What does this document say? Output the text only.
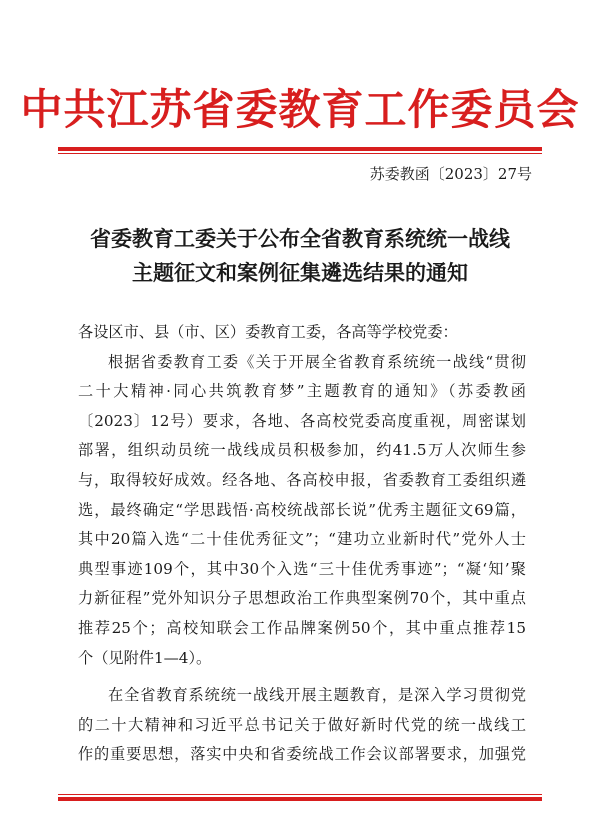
中共江苏省委教育工作委员会
苏委教函〔2023〕27号
省委教育工委关于公布全省教育系统统一战线
主题征文和案例征集遴选结果的通知
各设区市、县（市、区）委教育工委，各高等学校党委：
根据省委教育工委《关于开展全省教育系统统一战线“贯彻
二十大精神·同心共筑教育梦”主题教育的通知》（苏委教函
〔2023〕12号）要求，各地、各高校党委高度重视，周密谋划
部署，组织动员统一战线成员积极参加，约41.5万人次师生参
与，取得较好成效。经各地、各高校申报，省委教育工委组织遴
选，最终确定“学思践悟·高校统战部长说”优秀主题征文69篇，
其中20篇入选“二十佳优秀征文”；“建功立业新时代”党外人士
典型事迹109个，其中30个入选“三十佳优秀事迹”；“凝‘知’聚
力新征程”党外知识分子思想政治工作典型案例70个，其中重点
推荐25个；高校知联会工作品牌案例50个，其中重点推荐15
个（见附件1—4）。
在全省教育系统统一战线开展主题教育，是深入学习贯彻党
的二十大精神和习近平总书记关于做好新时代党的统一战线工
作的重要思想，落实中央和省委统战工作会议部署要求，加强党
